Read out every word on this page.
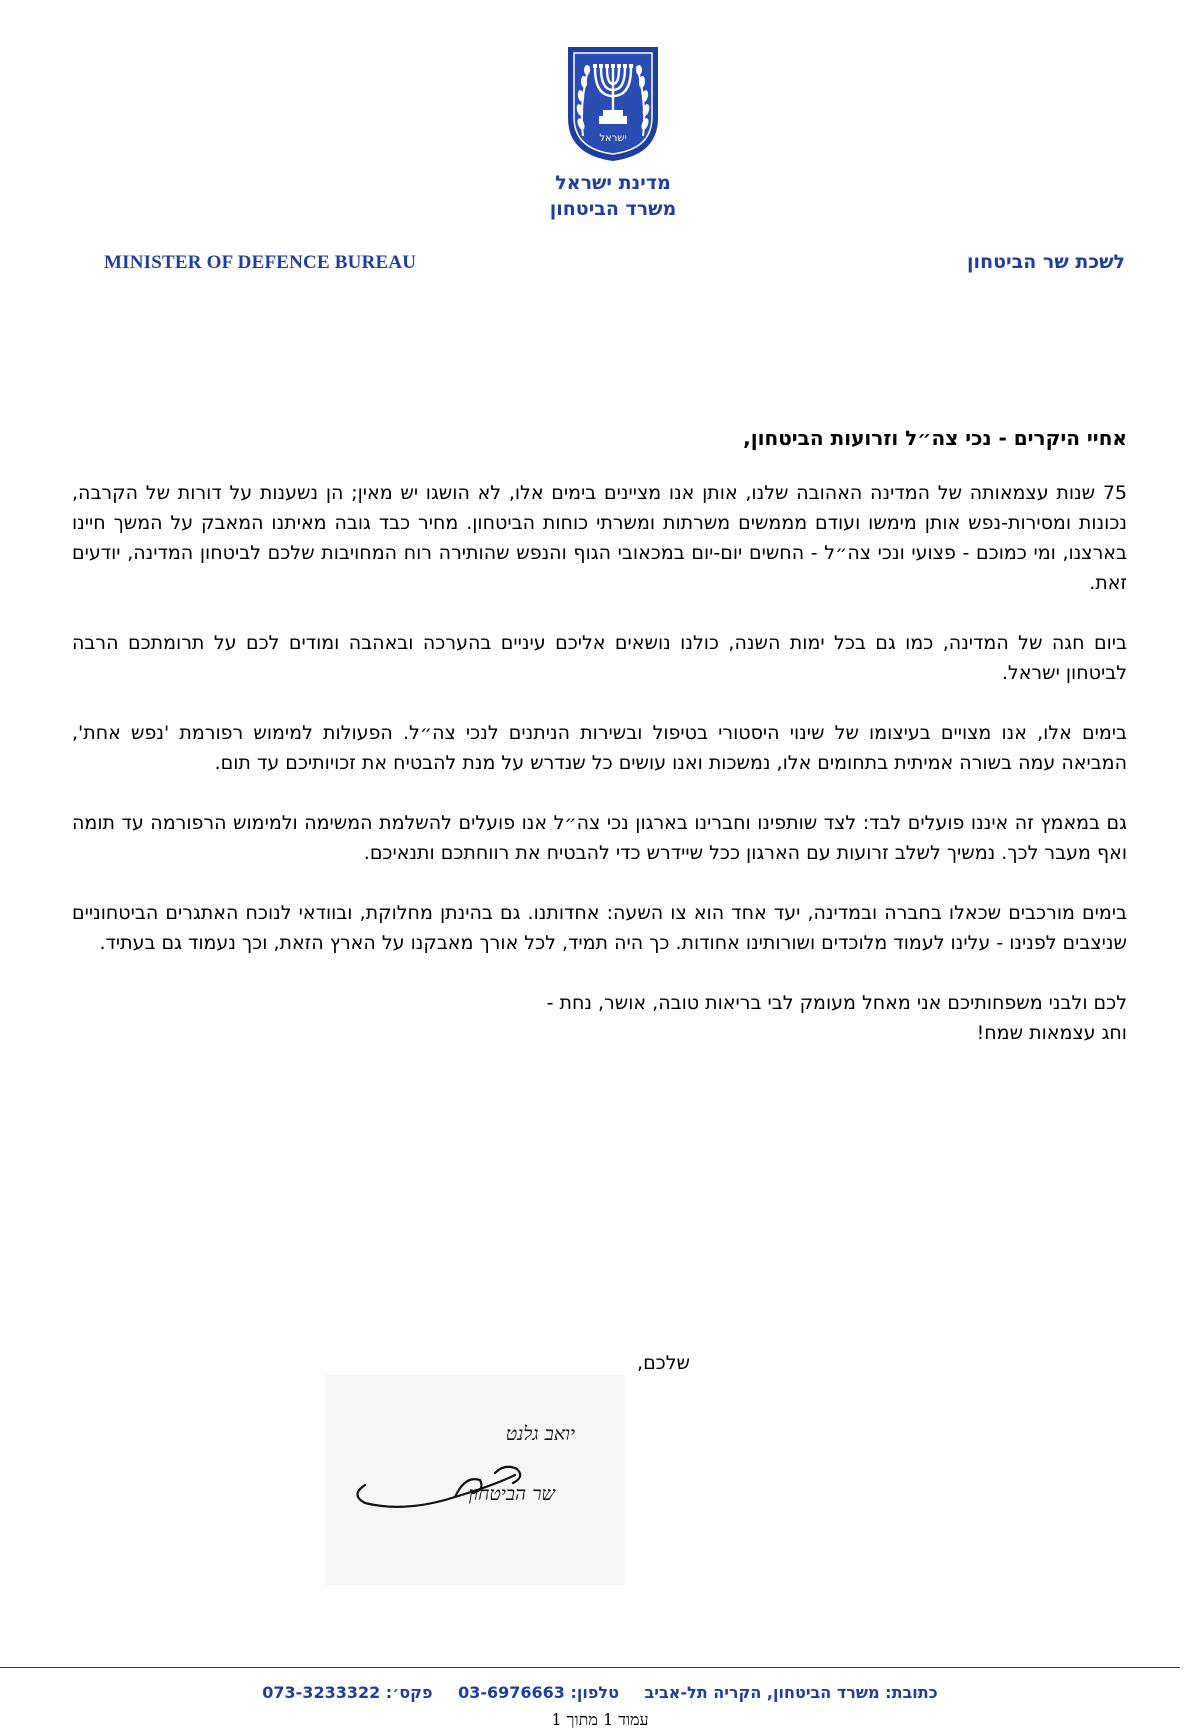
ישראל
מדינת ישראל
משרד הביטחון
MINISTER OF DEFENCE BUREAU	לשכת שר הביטחון
אחיי היקרים - נכי צה״ל וזרועות הביטחון,

75 שנות עצמאותה של המדינה האהובה שלנו, אותן אנו מציינים בימים אלו, לא הושגו יש מאין; הן נשענות על דורות של הקרבה, נכונות ומסירות-נפש אותן מימשו ועודם מממשים משרתות ומשרתי כוחות הביטחון. מחיר כבד גובה מאיתנו המאבק על המשך חיינו בארצנו, ומי כמוכם - פצועי ונכי צה״ל - החשים יום-יום במכאובי הגוף והנפש שהותירה רוח המחויבות שלכם לביטחון המדינה, יודעים זאת.

ביום חגה של המדינה, כמו גם בכל ימות השנה, כולנו נושאים אליכם עיניים בהערכה ובאהבה ומודים לכם על תרומתכם הרבה לביטחון ישראל.

בימים אלו, אנו מצויים בעיצומו של שינוי היסטורי בטיפול ובשירות הניתנים לנכי צה״ל. הפעולות למימוש רפורמת 'נפש אחת', המביאה עמה בשורה אמיתית בתחומים אלו, נמשכות ואנו עושים כל שנדרש על מנת להבטיח את זכויותיכם עד תום.

גם במאמץ זה איננו פועלים לבד: לצד שותפינו וחברינו בארגון נכי צה״ל אנו פועלים להשלמת המשימה ולמימוש הרפורמה עד תומה ואף מעבר לכך. נמשיך לשלב זרועות עם הארגון ככל שיידרש כדי להבטיח את רווחתכם ותנאיכם.

בימים מורכבים שכאלו בחברה ובמדינה, יעד אחד הוא צו השעה: אחדותנו. גם בהינתן מחלוקת, ובוודאי לנוכח האתגרים הביטחוניים שניצבים לפנינו - עלינו לעמוד מלוכדים ושורותינו אחודות. כך היה תמיד, לכל אורך מאבקנו על הארץ הזאת, וכך נעמוד גם בעתיד.

לכם ולבני משפחותיכם אני מאחל מעומק לבי בריאות טובה, אושר, נחת -
וחג עצמאות שמח!
שלכם,
יואב גלנט
שר הביטחון
כתובת: משרד הביטחון, הקריה תל-אביב טלפון: 03-6976663 פקס׳: 073-3233322
עמוד 1 מתוך 1
